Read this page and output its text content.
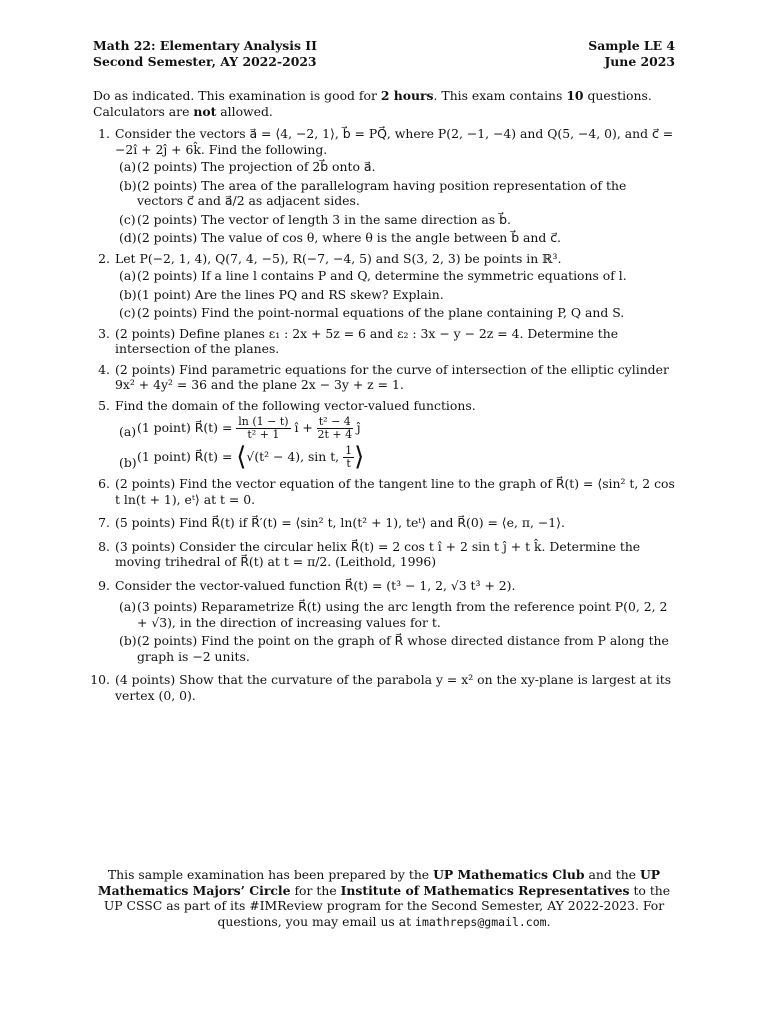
Math 22: Elementary Analysis II	Sample LE 4
Second Semester, AY 2022-2023	June 2023
Do as indicated. This examination is good for 2 hours. This exam contains 10 questions. Calculators are not allowed.
1. Consider the vectors a⃗ = ⟨4, −2, 1⟩, b⃗ = PQ⃗, where P(2, −1, −4) and Q(5, −4, 0), and c⃗ = −2î + 2ĵ + 6k̂. Find the following.
(a) (2 points) The projection of 2b⃗ onto a⃗.
(b) (2 points) The area of the parallelogram having position representation of the vectors c⃗ and a⃗/2 as adjacent sides.
(c) (2 points) The vector of length 3 in the same direction as b⃗.
(d) (2 points) The value of cos θ, where θ is the angle between b⃗ and c⃗.
2. Let P(−2, 1, 4), Q(7, 4, −5), R(−7, −4, 5) and S(3, 2, 3) be points in ℝ³.
(a) (2 points) If a line l contains P and Q, determine the symmetric equations of l.
(b) (1 point) Are the lines PQ and RS skew? Explain.
(c) (2 points) Find the point-normal equations of the plane containing P, Q and S.
3. (2 points) Define planes ε₁ : 2x + 5z = 6 and ε₂ : 3x − y − 2z = 4. Determine the intersection of the planes.
4. (2 points) Find parametric equations for the curve of intersection of the elliptic cylinder 9x² + 4y² = 36 and the plane 2x − 3y + z = 1.
5. Find the domain of the following vector-valued functions.
(a) (1 point) R⃗(t) = $\frac{\ln (1 - t)}{\text{t² + 1}}$ î + $\frac{\text{t² − 4}}{2t + 4}$ ĵ
(b) (1 point) R⃗(t) = ⟨√(t² − 4), sin t, $\frac{1}{t}$ ⟩
6. (2 points) Find the vector equation of the tangent line to the graph of R⃗(t) = ⟨sin² t, 2 cos t ln(t + 1), eᵗ⟩ at t = 0.
7. (5 points) Find R⃗(t) if R⃗′(t) = ⟨sin² t, ln(t² + 1), teᵗ⟩ and R⃗(0) = ⟨e, π, −1⟩.
8. (3 points) Consider the circular helix R⃗(t) = 2 cos t î + 2 sin t ĵ + t k̂. Determine the moving trihedral of R⃗(t) at t = π/2. (Leithold, 1996)
9. Consider the vector-valued function R⃗(t) = (t³ − 1, 2, √3 t³ + 2).
(a) (3 points) Reparametrize R⃗(t) using the arc length from the reference point P(0, 2, 2 + √3), in the direction of increasing values for t.
(b) (2 points) Find the point on the graph of R⃗ whose directed distance from P along the graph is −2 units.
10. (4 points) Show that the curvature of the parabola y = x² on the xy-plane is largest at its vertex (0, 0).
This sample examination has been prepared by the UP Mathematics Club and the UP Mathematics Majors’ Circle for the Institute of Mathematics Representatives to the UP CSSC as part of its #IMReview program for the Second Semester, AY 2022-2023. For questions, you may email us at imathreps@gmail.com.
